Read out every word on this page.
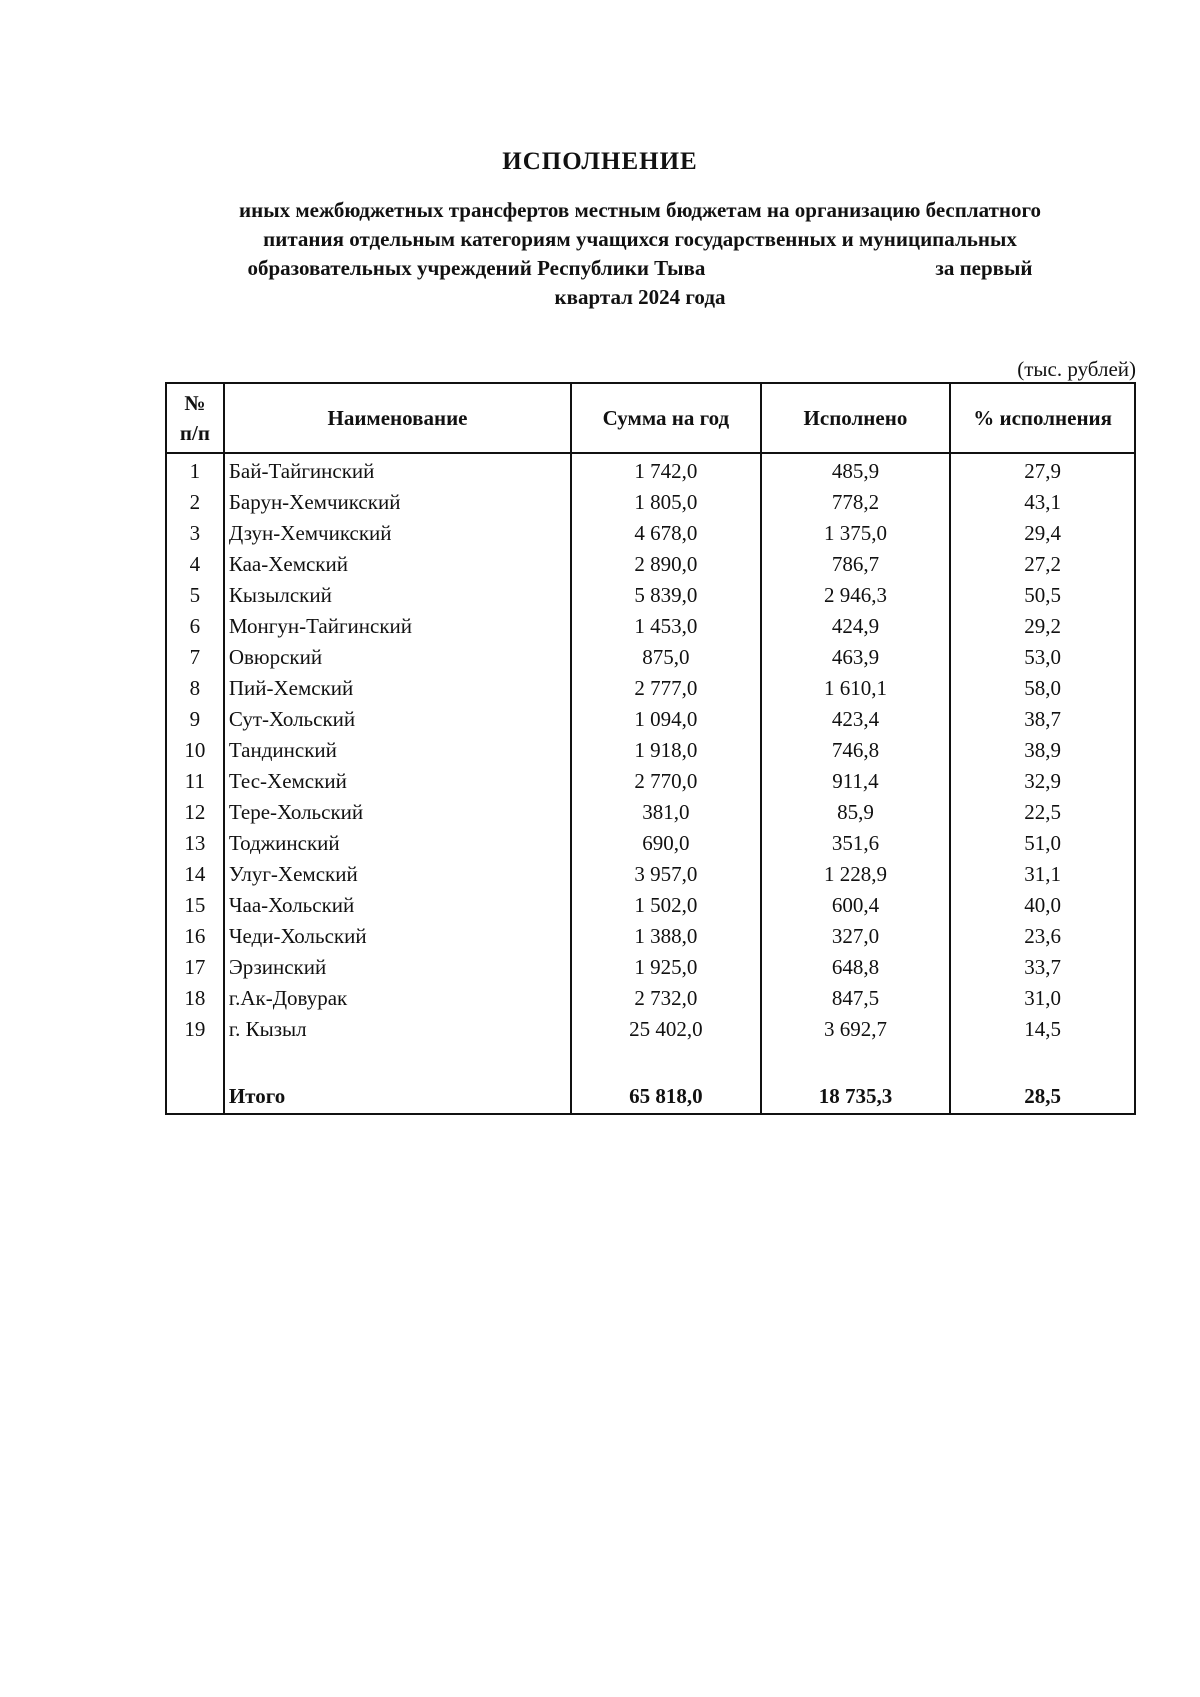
ИСПОЛНЕНИЕ
иных межбюджетных трансфертов местным бюджетам на организацию бесплатного
питания отдельным категориям учащихся государственных и муниципальных
образовательных учреждений Республики Тыва	за первый
квартал 2024 года
(тыс. рублей)
№
п/п	Наименование	Сумма на год	Исполнено	% исполнения
1	Бай-Тайгинский	1 742,0	485,9	27,9
2	Барун-Хемчикский	1 805,0	778,2	43,1
3	Дзун-Хемчикский	4 678,0	1 375,0	29,4
4	Каа-Хемский	2 890,0	786,7	27,2
5	Кызылский	5 839,0	2 946,3	50,5
6	Монгун-Тайгинский	1 453,0	424,9	29,2
7	Овюрский	875,0	463,9	53,0
8	Пий-Хемский	2 777,0	1 610,1	58,0
9	Сут-Хольский	1 094,0	423,4	38,7
10	Тандинский	1 918,0	746,8	38,9
11	Тес-Хемский	2 770,0	911,4	32,9
12	Тере-Хольский	381,0	85,9	22,5
13	Тоджинский	690,0	351,6	51,0
14	Улуг-Хемский	3 957,0	1 228,9	31,1
15	Чаа-Хольский	1 502,0	600,4	40,0
16	Чеди-Хольский	1 388,0	327,0	23,6
17	Эрзинский	1 925,0	648,8	33,7
18	г.Ак-Довурак	2 732,0	847,5	31,0
19	г. Кызыл	25 402,0	3 692,7	14,5

	Итого	65 818,0	18 735,3	28,5
